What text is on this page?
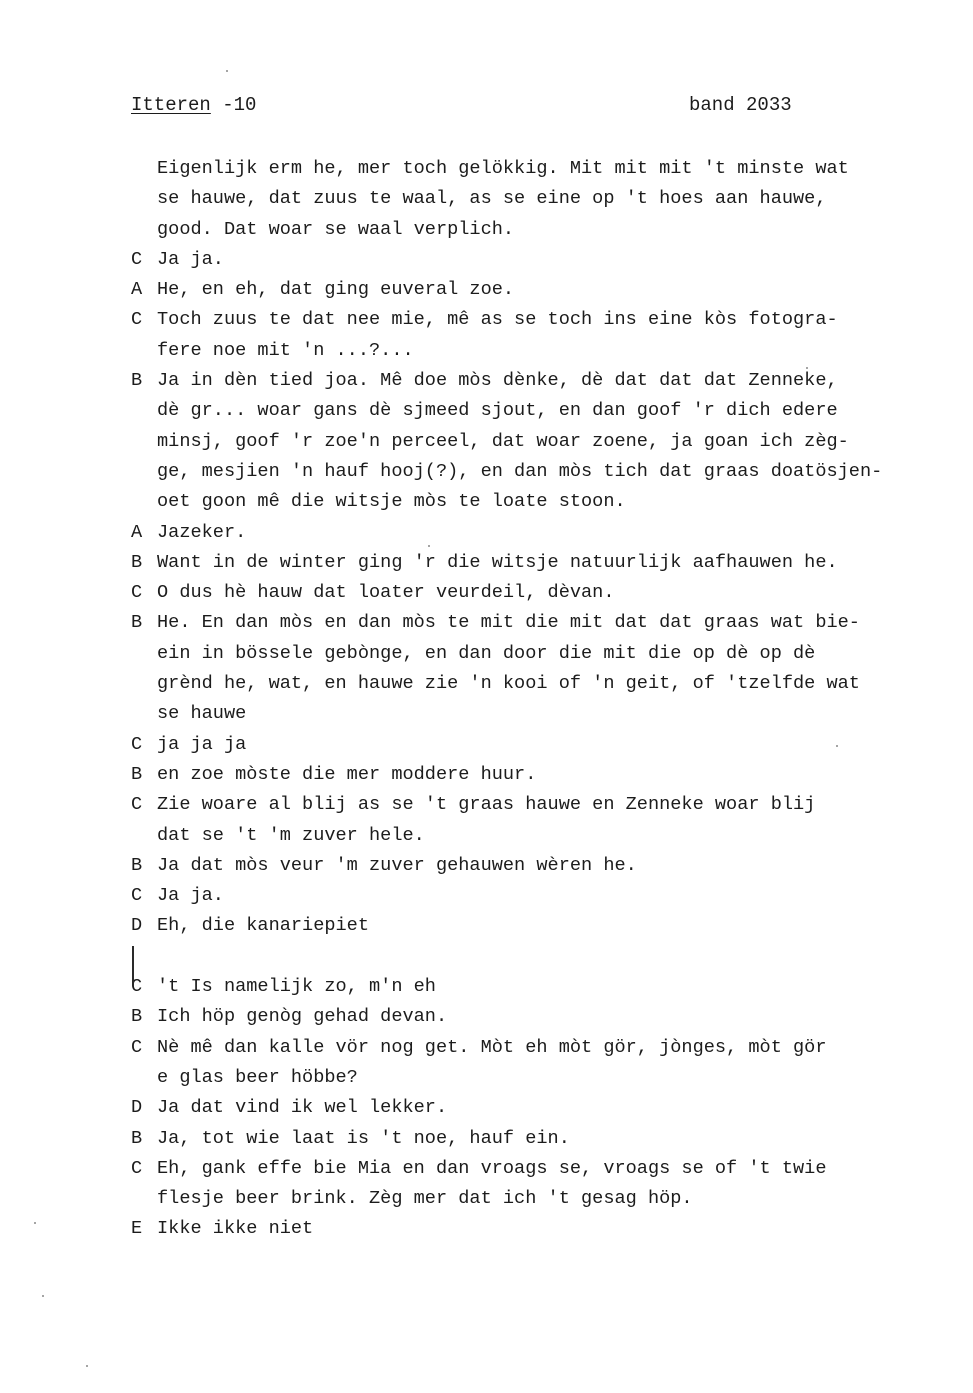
Itteren -10	band 2033
Eigenlijk erm he, mer toch gelökkig. Mit mit mit 't minste wat
se hauwe, dat zuus te waal, as se eine op 't hoes aan hauwe,
good. Dat woar se waal verplich.
C Ja ja.
A He, en eh, dat ging euveral zoe.
C Toch zuus te dat nee mie, mê as se toch ins eine kòs fotogra-
fere noe mit 'n ...?...
B Ja in dèn tied joa. Mê doe mòs dènke, dè dat dat dat Zenneke,
dè gr... woar gans dè sjmeed sjout, en dan goof 'r dich edere
minsj, goof 'r zoe'n perceel, dat woar zoene, ja goan ich zèg-
ge, mesjien 'n hauf hooj(?), en dan mòs tich dat graas doatösjen-
oet goon mê die witsje mòs te loate stoon.
A Jazeker.
B Want in de winter ging 'r die witsje natuurlijk aafhauwen he.
C O dus hè hauw dat loater veurdeil, dèvan.
B He. En dan mòs en dan mòs te mit die mit dat dat graas wat bie-
ein in bössele gebònge, en dan door die mit die op dè op dè
grènd he, wat, en hauwe zie 'n kooi of 'n geit, of 'tzelfde wat
se hauwe
C ja ja ja
B en zoe mòste die mer moddere huur.
C Zie woare al blij as se 't graas hauwe en Zenneke woar blij
dat se 't 'm zuver hele.
B Ja dat mòs veur 'm zuver gehauwen wèren he.
C Ja ja.
D Eh, die kanariepiet
C 't Is namelijk zo, m'n eh
B Ich höp genòg gehad devan.
C Nè mê dan kalle vör nog get. Mòt eh mòt gör, jònges, mòt gör
e glas beer höbbe?
D Ja dat vind ik wel lekker.
B Ja, tot wie laat is 't noe, hauf ein.
C Eh, gank effe bie Mia en dan vroags se, vroags se of 't twie
flesje beer brink. Zèg mer dat ich 't gesag höp.
E Ikke ikke niet
